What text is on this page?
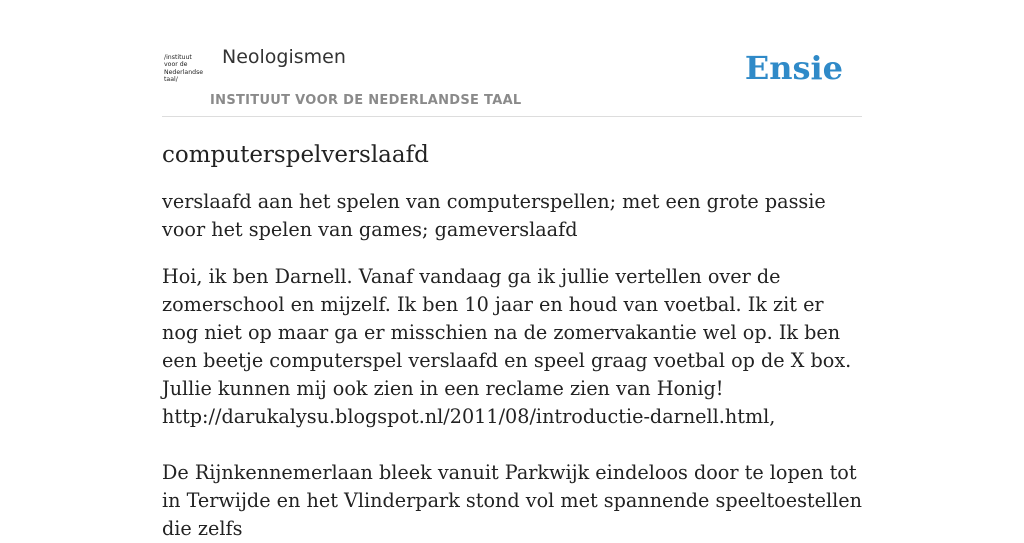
/instituut
voor de
Nederlandse
taal/
Neologismen
INSTITUUT VOOR DE NEDERLANDSE TAAL
Ensie
computerspelverslaafd

verslaafd aan het spelen van computerspellen; met een grote passie voor het spelen van games; gameverslaafd

Hoi, ik ben Darnell. Vanaf vandaag ga ik jullie vertellen over de zomerschool en mijzelf. Ik ben 10 jaar en houd van voetbal. Ik zit er nog niet op maar ga er misschien na de zomervakantie wel op. Ik ben een beetje computerspel verslaafd en speel graag voetbal op de X box. Jullie kunnen mij ook zien in een reclame zien van Honig!
http://darukalysu.blogspot.nl/2011/08/introductie-darnell.html,

De Rijnkennemerlaan bleek vanuit Parkwijk eindeloos door te lopen tot in Terwijde en het Vlinderpark stond vol met spannende speeltoestellen die zelfs
